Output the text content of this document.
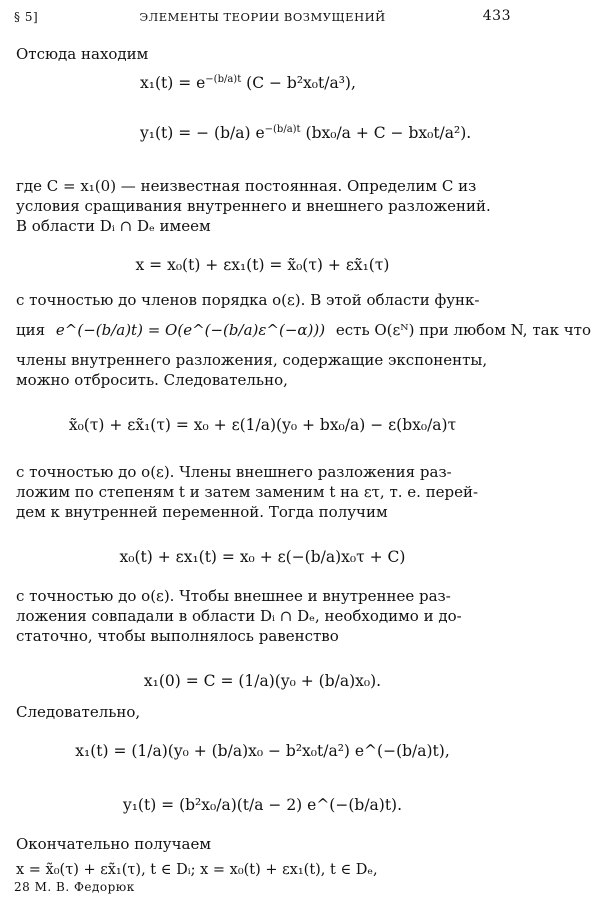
§ 5]	ЭЛЕМЕНТЫ ТЕОРИИ ВОЗМУЩЕНИЙ	433
Отсюда находим
$x_1(t) = e^{-(b/a)t}$ (C − b²x₀t/a³),
y₁(t) = − (b/a) $e^{-(b/a)t}$ (bx₀/a + C − bx₀t/a²).
где C = x₁(0) — неизвестная постоянная. Определим C из
условия сращивания внутреннего и внешнего разложений.
В области Dᵢ ∩ Dₑ имеем
x = x₀(t) + εx₁(t) = x̃₀(τ) + εx̃₁(τ)
с точностью до членов порядка o(ε). В этой области функ-
ция e^(−(b/a)t) = O(e^(−(b/a)ε^(−α))) есть O(εᴺ) при любом N, так что
члены внутреннего разложения, содержащие экспоненты,
можно отбросить. Следовательно,
x̃₀(τ) + εx̃₁(τ) = x₀ + ε(1/a)(y₀ + bx₀/a) − ε(bx₀/a)τ
с точностью до o(ε). Члены внешнего разложения раз-
ложим по степеням t и затем заменим t на ετ, т. е. перей-
дем к внутренней переменной. Тогда получим
x₀(t) + εx₁(t) = x₀ + ε(−(b/a)x₀τ + C)
с точностью до o(ε). Чтобы внешнее и внутреннее раз-
ложения совпадали в области Dᵢ ∩ Dₑ, необходимо и до-
статочно, чтобы выполнялось равенство
x₁(0) = C = (1/a)(y₀ + (b/a)x₀).
Следовательно,
x₁(t) = (1/a)(y₀ + (b/a)x₀ − b²x₀t/a²) e^(−(b/a)t),
y₁(t) = (b²x₀/a)(t/a − 2) e^(−(b/a)t).
Окончательно получаем
x = x̃₀(τ) + εx̃₁(τ), t ∈ Dᵢ; x = x₀(t) + εx₁(t), t ∈ Dₑ,
28 М. В. Федорюк
